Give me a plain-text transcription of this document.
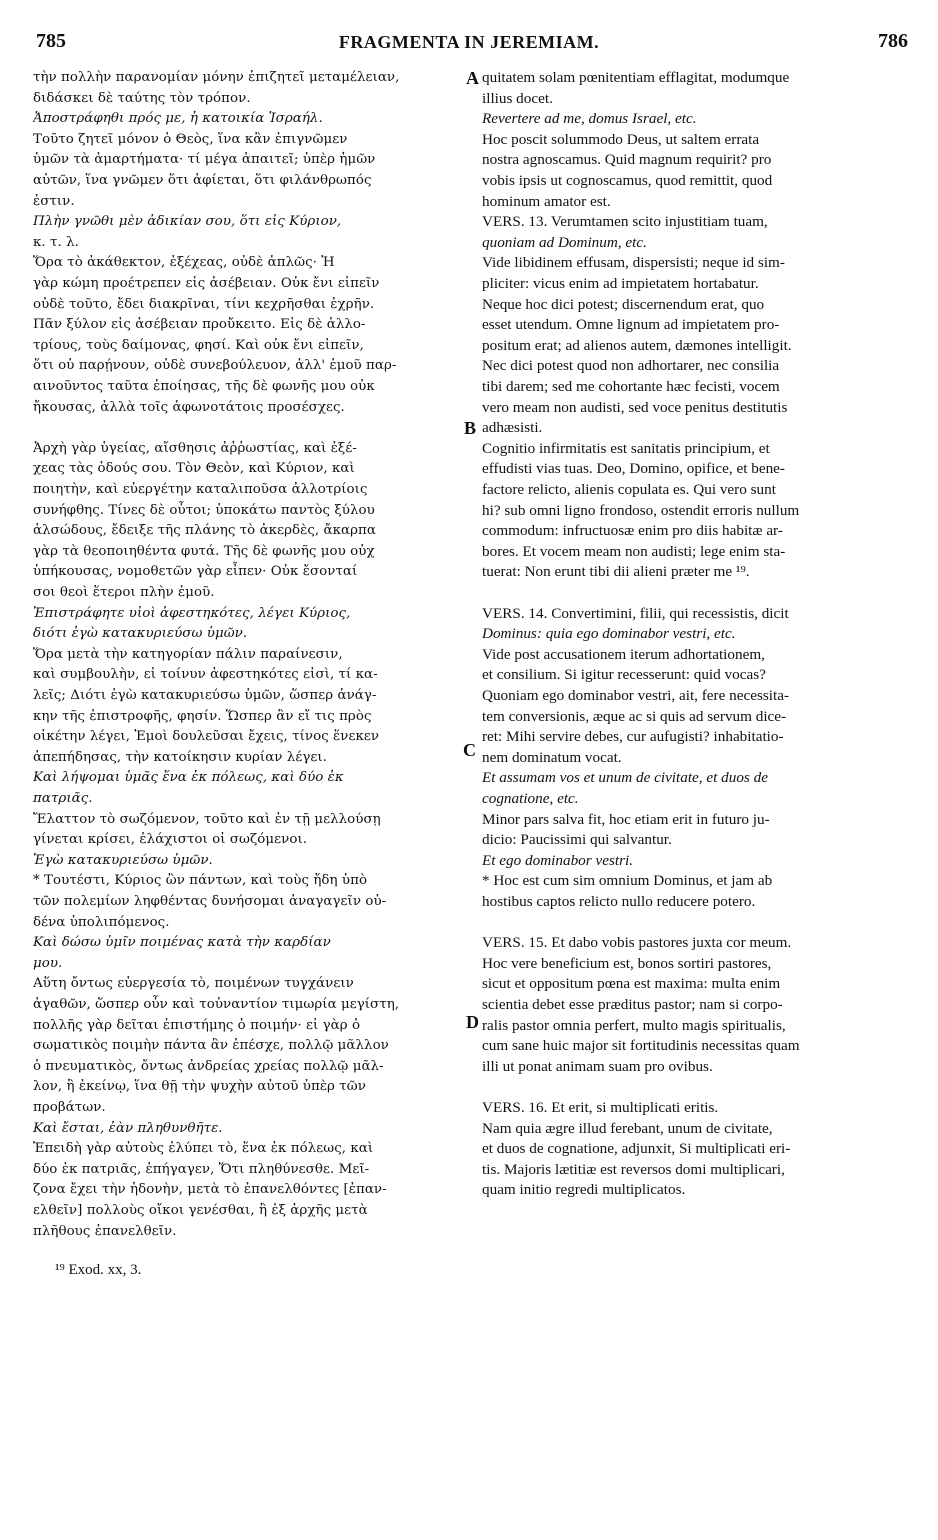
785	FRAGMENTA IN JEREMIAM.	786
τὴν πολλὴν παρανομίαν μόνην ἐπιζητεῖ μεταμέλειαν,
διδάσκει δὲ ταύτης τὸν τρόπον.
Ἀποστράφηθι πρός με, ἡ κατοικία Ἰσραήλ.
Τοῦτο ζητεῖ μόνον ὁ Θεὸς, ἵνα κἂν ἐπιγνῶμεν
ὑμῶν τὰ ἁμαρτήματα· τί μέγα ἀπαιτεῖ; ὑπὲρ ἡμῶν
αὐτῶν, ἵνα γνῶμεν ὅτι ἀφίεται, ὅτι φιλάνθρωπός
ἐστιν.
Πλὴν γνῶθι μὲν ἀδικίαν σου, ὅτι εἰς Κύριον,
κ. τ. λ.
Ὅρα τὸ ἀκάθεκτον, ἐξέχεας, οὐδὲ ἁπλῶς· Ἡ
γὰρ κώμη προέτρεπεν εἰς ἀσέβειαν. Οὐκ ἔνι εἰπεῖν
οὐδὲ τοῦτο, ἔδει διακρῖναι, τίνι κεχρῆσθαι ἐχρῆν.
Πᾶν ξύλον εἰς ἀσέβειαν προὔκειτο. Εἰς δὲ ἀλλο-
τρίους, τοὺς δαίμονας, φησί. Καὶ οὐκ ἔνι εἰπεῖν,
ὅτι οὐ παρῄνουν, οὐδὲ συνεβούλευον, ἀλλ' ἐμοῦ παρ-
αινοῦντος ταῦτα ἐποίησας, τῆς δὲ φωνῆς μου οὐκ
ἤκουσας, ἀλλὰ τοῖς ἀφωνοτάτοις προσέσχες.
Ἀρχὴ γὰρ ὑγείας, αἴσθησις ἀῤῥωστίας, καὶ ἐξέ-
χεας τὰς ὁδούς σου. Τὸν Θεὸν, καὶ Κύριον, καὶ
ποιητὴν, καὶ εὐεργέτην καταλιποῦσα ἀλλοτρίοις
συνήφθης. Τίνες δὲ οὗτοι; ὑποκάτω παντὸς ξύλου
ἀλσώδους, ἔδειξε τῆς πλάνης τὸ ἀκερδὲς, ἄκαρπα
γὰρ τὰ θεοποιηθέντα φυτά. Τῆς δὲ φωνῆς μου οὐχ
ὑπήκουσας, νομοθετῶν γὰρ εἶπεν· Οὐκ ἔσονταί
σοι θεοὶ ἕτεροι πλὴν ἐμοῦ.
Ἐπιστράφητε υἱοὶ ἀφεστηκότες, λέγει Κύριος,
διότι ἐγὼ κατακυριεύσω ὑμῶν.
Ὅρα μετὰ τὴν κατηγορίαν πάλιν παραίνεσιν,
καὶ συμβουλὴν, εἰ τοίνυν ἀφεστηκότες εἰσὶ, τί κα-
λεῖς; Διότι ἐγὼ κατακυριεύσω ὑμῶν, ὥσπερ ἀνάγ-
κην τῆς ἐπιστροφῆς, φησίν. Ὥσπερ ἂν εἴ τις πρὸς
οἰκέτην λέγει, Ἐμοὶ δουλεῦσαι ἔχεις, τίνος ἕνεκεν
ἀπεπήδησας, τὴν κατοίκησιν κυρίαν λέγει.
Καὶ λήψομαι ὑμᾶς ἕνα ἐκ πόλεως, καὶ δύο ἐκ
πατριᾶς.
Ἔλαττον τὸ σωζόμενον, τοῦτο καὶ ἐν τῇ μελλούσῃ
γίνεται κρίσει, ἐλάχιστοι οἱ σωζόμενοι.
Ἐγὼ κατακυριεύσω ὑμῶν.
* Τουτέστι, Κύριος ὢν πάντων, καὶ τοὺς ἤδη ὑπὸ
τῶν πολεμίων ληφθέντας δυνήσομαι ἀναγαγεῖν οὐ-
δένα ὑπολιπόμενος.
Καὶ δώσω ὑμῖν ποιμένας κατὰ τὴν καρδίαν
μου.
Αὕτη ὄντως εὐεργεσία τὸ, ποιμένων τυγχάνειν
ἀγαθῶν, ὥσπερ οὖν καὶ τοὐναντίον τιμωρία μεγίστη,
πολλῆς γὰρ δεῖται ἐπιστήμης ὁ ποιμήν· εἰ γὰρ ὁ
σωματικὸς ποιμὴν πάντα ἂν ἐπέσχε, πολλῷ μᾶλλον
ὁ πνευματικὸς, ὄντως ἀνδρείας χρείας πολλῷ μᾶλ-
λον, ἢ ἐκείνῳ, ἵνα θῇ τὴν ψυχὴν αὐτοῦ ὑπὲρ τῶν
προβάτων.
Καὶ ἔσται, ἐὰν πληθυνθῆτε.
Ἐπειδὴ γὰρ αὐτοὺς ἐλύπει τὸ, ἕνα ἐκ πόλεως, καὶ
δύο ἐκ πατριᾶς, ἐπήγαγεν, Ὅτι πληθύνεσθε. Μεῖ-
ζονα ἔχει τὴν ἡδονὴν, μετὰ τὸ ἐπανελθόντες [ἐπαν-
ελθεῖν] πολλοὺς οἴκοι γενέσθαι, ἢ ἐξ ἀρχῆς μετὰ
πλῆθους ἐπανελθεῖν.
quitatem solam pœnitentiam efflagitat, modumque
illius docet.
Revertere ad me, domus Israel, etc.
Hoc poscit solummodo Deus, ut saltem errata
nostra agnoscamus. Quid magnum requirit? pro
vobis ipsis ut cognoscamus, quod remittit, quod
hominum amator est.
VERS. 13. Verumtamen scito injustitiam tuam,
quoniam ad Dominum, etc.
Vide libidinem effusam, dispersisti; neque id sim-
pliciter: vicus enim ad impietatem hortabatur.
Neque hoc dici potest; discernendum erat, quo
esset utendum. Omne lignum ad impietatem pro-
positum erat; ad alienos autem, dæmones intelligit.
Nec dici potest quod non adhortarer, nec consilia
tibi darem; sed me cohortante hæc fecisti, vocem
vero meam non audisti, sed voce penitus destitutis
adhæsisti.
Cognitio infirmitatis est sanitatis principium, et
effudisti vias tuas. Deo, Domino, opifice, et bene-
factore relicto, alienis copulata es. Qui vero sunt
hi? sub omni ligno frondoso, ostendit erroris nullum
commodum: infructuosæ enim pro diis habitæ ar-
bores. Et vocem meam non audisti; lege enim sta-
tuerat: Non erunt tibi dii alieni præter me ¹⁹.
VERS. 14. Convertimini, filii, qui recessistis, dicit
Dominus: quia ego dominabor vestri, etc.
Vide post accusationem iterum adhortationem,
et consilium. Si igitur recesserunt: quid vocas?
Quoniam ego dominabor vestri, ait, fere necessita-
tem conversionis, æque ac si quis ad servum dice-
ret: Mihi servire debes, cur aufugisti? inhabitatio-
nem dominatum vocat.
Et assumam vos et unum de civitate, et duos de
cognatione, etc.
Minor pars salva fit, hoc etiam erit in futuro ju-
dicio: Paucissimi qui salvantur.
Et ego dominabor vestri.
* Hoc est cum sim omnium Dominus, et jam ab
hostibus captos relicto nullo reducere potero.
VERS. 15. Et dabo vobis pastores juxta cor meum.
Hoc vere beneficium est, bonos sortiri pastores,
sicut et oppositum pœna est maxima: multa enim
scientia debet esse præditus pastor; nam si corpo-
ralis pastor omnia perfert, multo magis spiritualis,
cum sane huic major sit fortitudinis necessitas quam
illi ut ponat animam suam pro ovibus.
VERS. 16. Et erit, si multiplicati eritis.
Nam quia ægre illud ferebant, unum de civitate,
et duos de cognatione, adjunxit, Si multiplicati eri-
tis. Majoris lætitiæ est reversos domi multiplicari,
quam initio regredi multiplicatos.
A
B
C
D
¹⁹ Exod. xx, 3.
